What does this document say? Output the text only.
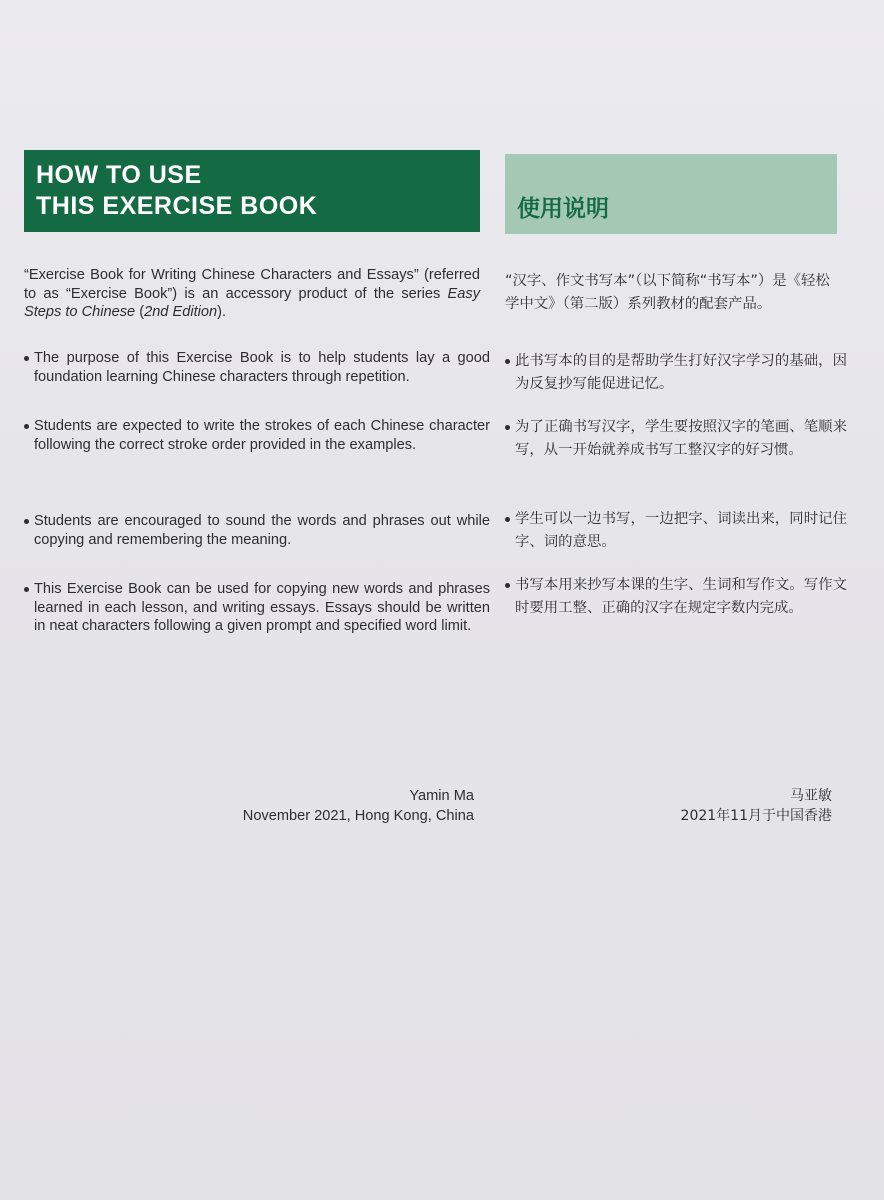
HOW TO USE
THIS EXERCISE BOOK	使用说明

“Exercise Book for Writing Chinese Characters and Essays” (referred to as “Exercise Book”) is an accessory product of the series Easy Steps to Chinese (2nd Edition).

The purpose of this Exercise Book is to help students lay a good foundation learning Chinese characters through repetition.
Students are expected to write the strokes of each Chinese character following the correct stroke order provided in the examples.
Students are encouraged to sound the words and phrases out while copying and remembering the meaning.
This Exercise Book can be used for copying new words and phrases learned in each lesson, and writing essays. Essays should be written in neat characters following a given prompt and specified word limit.

“汉字、作文书写本”（以下简称“书写本”）是《轻松学中文》（第二版）系列教材的配套产品。

此书写本的目的是帮助学生打好汉字学习的基础，因为反复抄写能促进记忆。
为了正确书写汉字，学生要按照汉字的笔画、笔顺来写，从一开始就养成书写工整汉字的好习惯。
学生可以一边书写，一边把字、词读出来，同时记住字、词的意思。
书写本用来抄写本课的生字、生词和写作文。写作文时要用工整、正确的汉字在规定字数内完成。
Yamin Ma
November 2021, Hong Kong, China
马亚敏
2021年11月于中国香港
